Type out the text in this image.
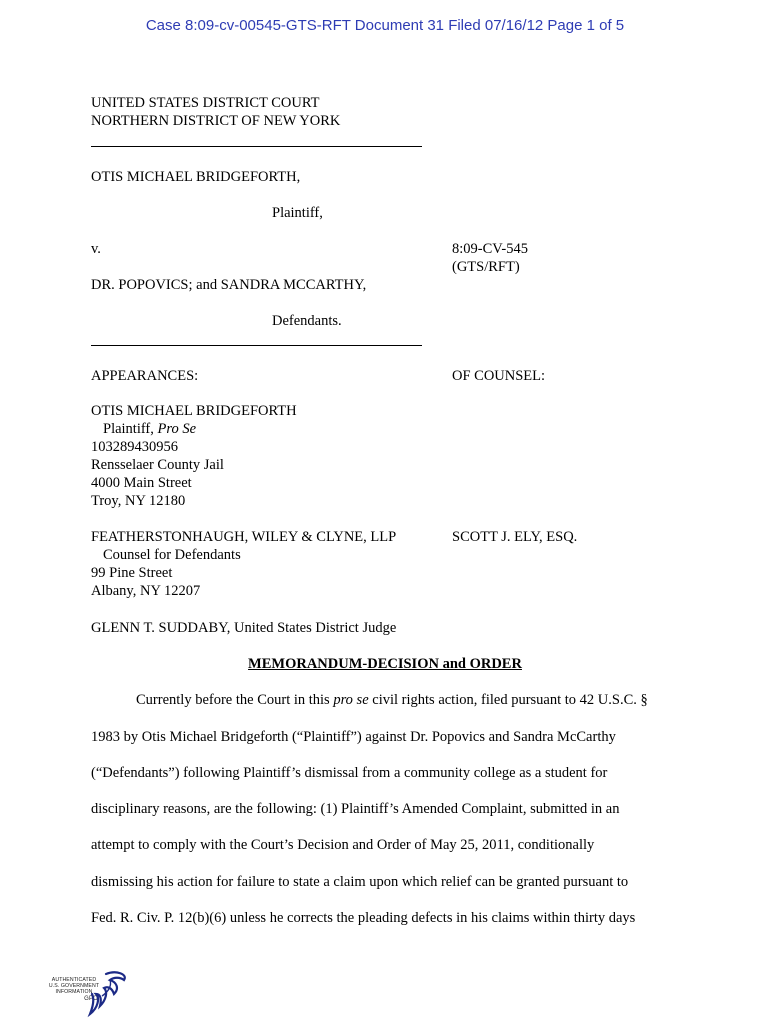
Case 8:09-cv-00545-GTS-RFT Document 31 Filed 07/16/12 Page 1 of 5
UNITED STATES DISTRICT COURT
NORTHERN DISTRICT OF NEW YORK
OTIS MICHAEL BRIDGEFORTH,
Plaintiff,
v.	8:09-CV-545
(GTS/RFT)
DR. POPOVICS; and SANDRA MCCARTHY,
Defendants.
APPEARANCES:	OF COUNSEL:
OTIS MICHAEL BRIDGEFORTH
Plaintiff, Pro Se
103289430956
Rensselaer County Jail
4000 Main Street
Troy, NY 12180
FEATHERSTONHAUGH, WILEY & CLYNE, LLP	SCOTT J. ELY, ESQ.
Counsel for Defendants
99 Pine Street
Albany, NY 12207
GLENN T. SUDDABY, United States District Judge
MEMORANDUM-DECISION and ORDER
Currently before the Court in this pro se civil rights action, filed pursuant to 42 U.S.C. §
1983 by Otis Michael Bridgeforth (“Plaintiff”) against Dr. Popovics and Sandra McCarthy
(“Defendants”) following Plaintiff’s dismissal from a community college as a student for
disciplinary reasons, are the following: (1) Plaintiff’s Amended Complaint, submitted in an
attempt to comply with the Court’s Decision and Order of May 25, 2011, conditionally
dismissing his action for failure to state a claim upon which relief can be granted pursuant to
Fed. R. Civ. P. 12(b)(6) unless he corrects the pleading defects in his claims within thirty days
AUTHENTICATED
U.S. GOVERNMENT
INFORMATION
GPO
